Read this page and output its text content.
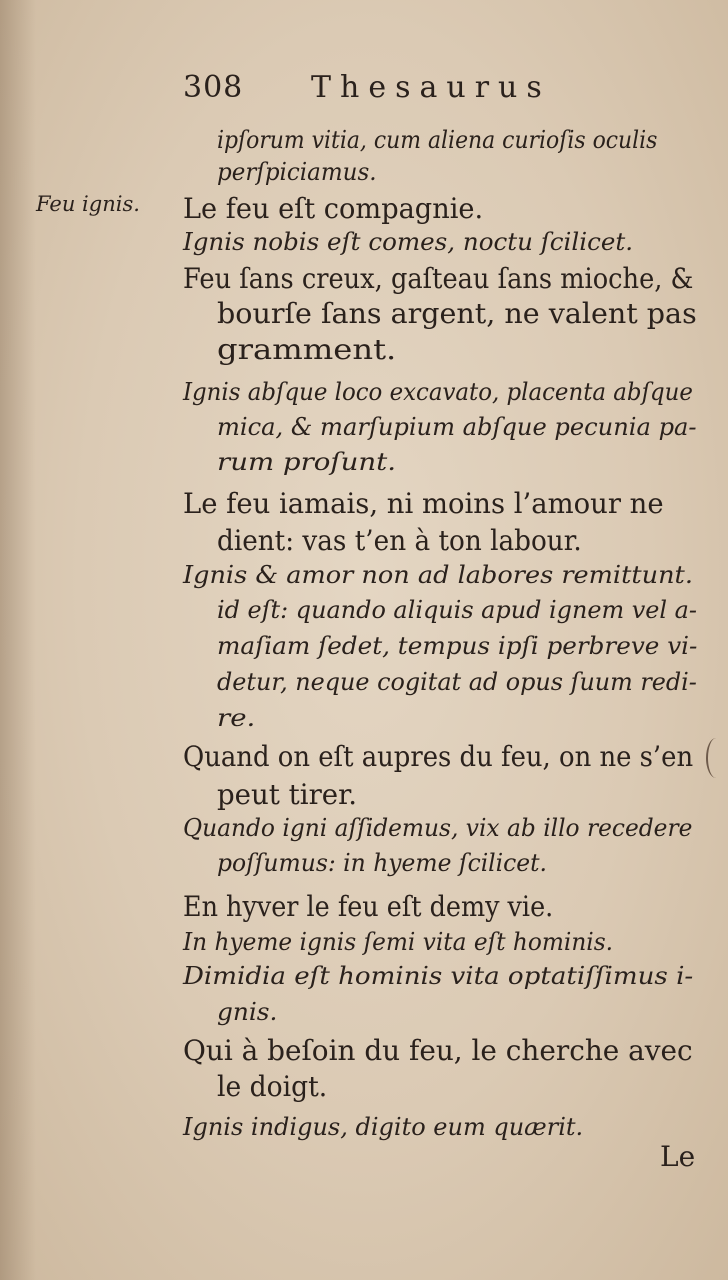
308 Thesaurus
Feu ignis.
ipſorum vitia, cum aliena curioſis oculis
perſpiciamus.
Le feu eſt compagnie.
Ignis nobis eſt comes, noctu ſcilicet.
Feu ſans creux, gaſteau ſans mioche, &
bourſe ſans argent, ne valent pas
gramment.
Ignis abſque loco excavato, placenta abſque
mica, & marſupium abſque pecunia pa-
rum proſunt.
Le feu iamais, ni moins l’amour ne
dient: vas t’en à ton labour.
Ignis & amor non ad labores remittunt.
id eſt: quando aliquis apud ignem vel a-
maſiam ſedet, tempus ipſi perbreve vi-
detur, neque cogitat ad opus ſuum redi-
re.
Quand on eſt aupres du feu, on ne s’en
peut tirer.
Quando igni aſſidemus, vix ab illo recedere
poſſumus: in hyeme ſcilicet.
En hyver le feu eſt demy vie.
In hyeme ignis ſemi vita eſt hominis.
Dimidia eſt hominis vita optatiſſimus i-
gnis.
Qui à beſoin du feu, le cherche avec
le doigt.
Ignis indigus, digito eum quærit.
Le
